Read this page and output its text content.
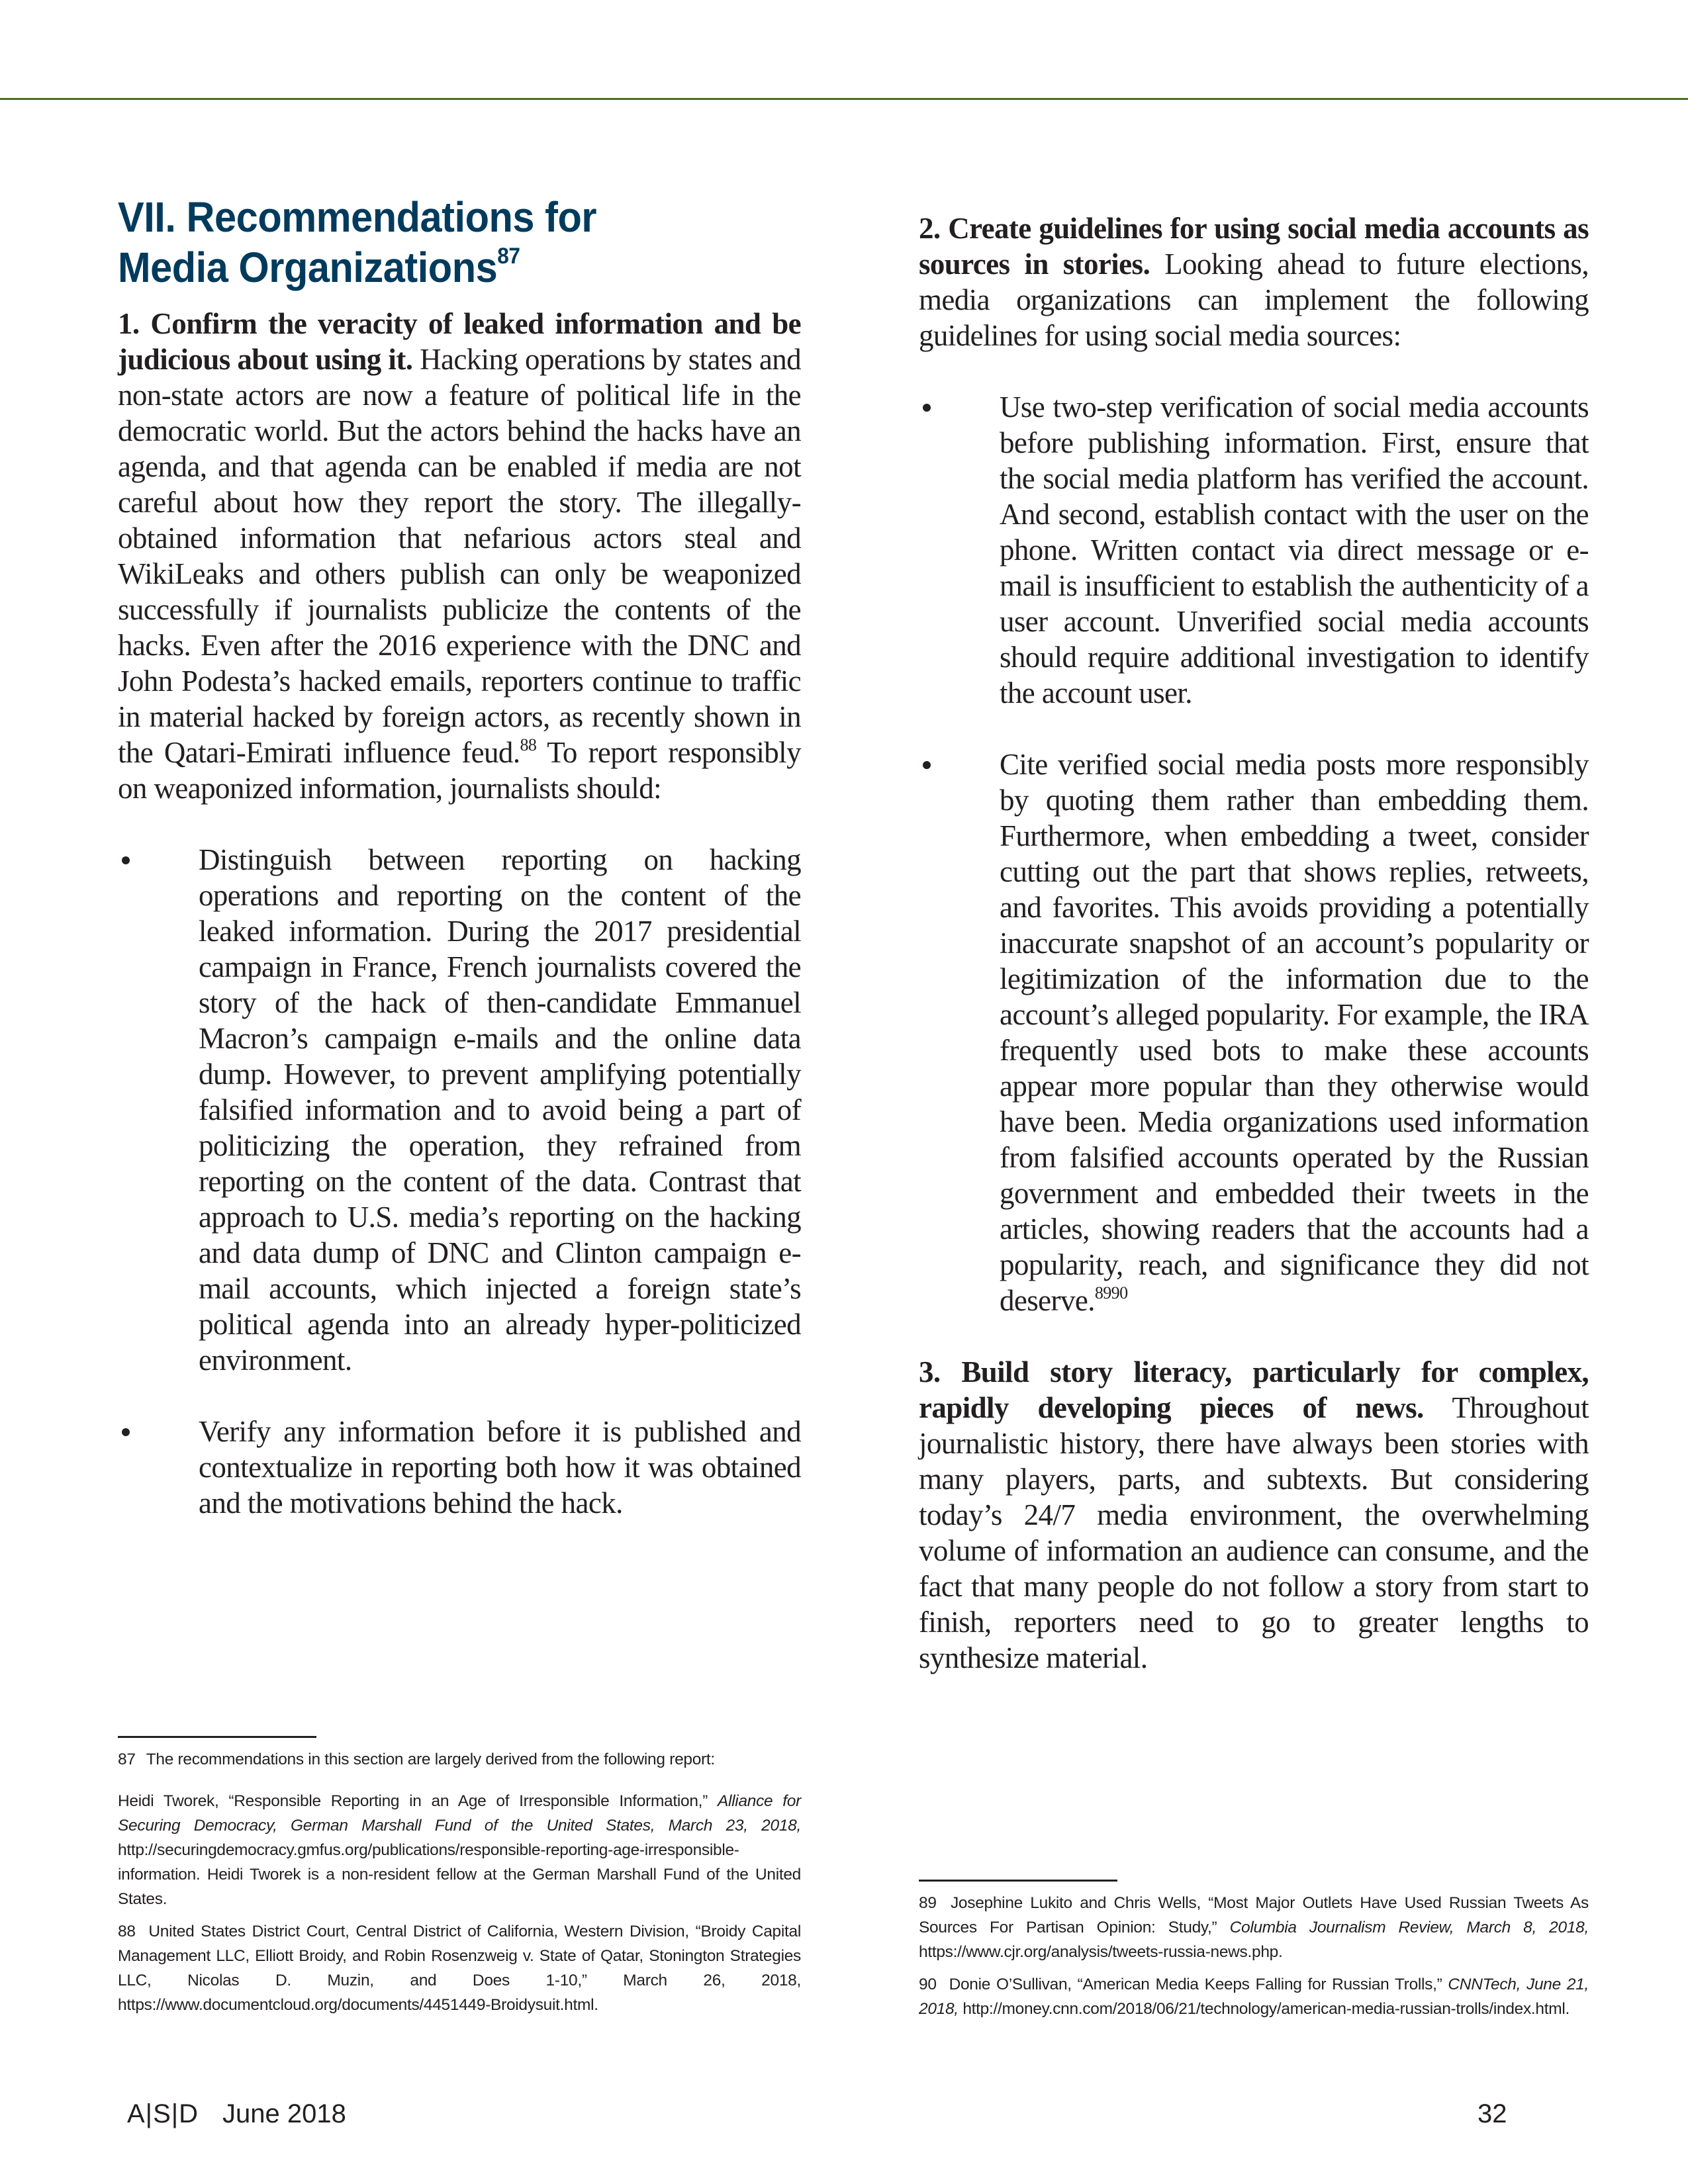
VII. Recommendations for
Media Organizations$^{87}$

1. Confirm the veracity of leaked information and be judicious about using it. Hacking operations by states and non-state actors are now a feature of political life in the democratic world. But the actors behind the hacks have an agenda, and that agenda can be enabled if media are not careful about how they report the story. The illegally-obtained information that nefarious actors steal and WikiLeaks and others publish can only be weaponized successfully if journalists publicize the contents of the hacks. Even after the 2016 experience with the DNC and John Podesta’s hacked emails, reporters continue to traffic in material hacked by foreign actors, as recently shown in the Qatari-Emirati influence feud.$^{88}$ To report responsibly on weaponized information, journalists should:

Distinguish between reporting on hacking operations and reporting on the content of the leaked information. During the 2017 presidential campaign in France, French journalists covered the story of the hack of then-candidate Emmanuel Macron’s campaign e-mails and the online data dump. However, to prevent amplifying potentially falsified information and to avoid being a part of politicizing the operation, they refrained from reporting on the content of the data. Contrast that approach to U.S. media’s reporting on the hacking and data dump of DNC and Clinton campaign e-mail accounts, which injected a foreign state’s political agenda into an already hyper-politicized environment.
Verify any information before it is published and contextualize in reporting both how it was obtained and the motivations behind the hack.

2. Create guidelines for using social media accounts as sources in stories. Looking ahead to future elections, media organizations can implement the following guidelines for using social media sources:

Use two-step verification of social media accounts before publishing information. First, ensure that the social media platform has verified the account. And second, establish contact with the user on the phone. Written contact via direct message or e-mail is insufficient to establish the authenticity of a user account. Unverified social media accounts should require additional investigation to identify the account user.
Cite verified social media posts more responsibly by quoting them rather than embedding them. Furthermore, when embedding a tweet, consider cutting out the part that shows replies, retweets, and favorites. This avoids providing a potentially inaccurate snapshot of an account’s popularity or legitimization of the information due to the account’s alleged popularity. For example, the IRA frequently used bots to make these accounts appear more popular than they otherwise would have been. Media organizations used information from falsified accounts operated by the Russian government and embedded their tweets in the articles, showing readers that the accounts had a popularity, reach, and significance they did not deserve.$^{8990}$

3. Build story literacy, particularly for complex, rapidly developing pieces of news. Throughout journalistic history, there have always been stories with many players, parts, and subtexts. But considering today’s 24/7 media environment, the overwhelming volume of information an audience can consume, and the fact that many people do not follow a story from start to finish, reporters need to go to greater lengths to synthesize material.

87 The recommendations in this section are largely derived from the following report:

Heidi Tworek, “Responsible Reporting in an Age of Irresponsible Information,” Alliance for Securing Democracy, German Marshall Fund of the United States, March 23, 2018, http://securingdemocracy.gmfus.org/publications/responsible-reporting-age-irresponsible-information. Heidi Tworek is a non-resident fellow at the German Marshall Fund of the United States.

88 United States District Court, Central District of California, Western Division, “Broidy Capital Management LLC, Elliott Broidy, and Robin Rosenzweig v. State of Qatar, Stonington Strategies LLC, Nicolas D. Muzin, and Does 1-10,” March 26, 2018, https://www.documentcloud.org/documents/4451449-Broidysuit.html.

89 Josephine Lukito and Chris Wells, “Most Major Outlets Have Used Russian Tweets As Sources For Partisan Opinion: Study,” Columbia Journalism Review, March 8, 2018, https://www.cjr.org/analysis/tweets-russia-news.php.

90 Donie O’Sullivan, “American Media Keeps Falling for Russian Trolls,” CNNTech, June 21, 2018, http://money.cnn.com/2018/06/21/technology/american-media-russian-trolls/index.html.

A|S|D June 2018	32
